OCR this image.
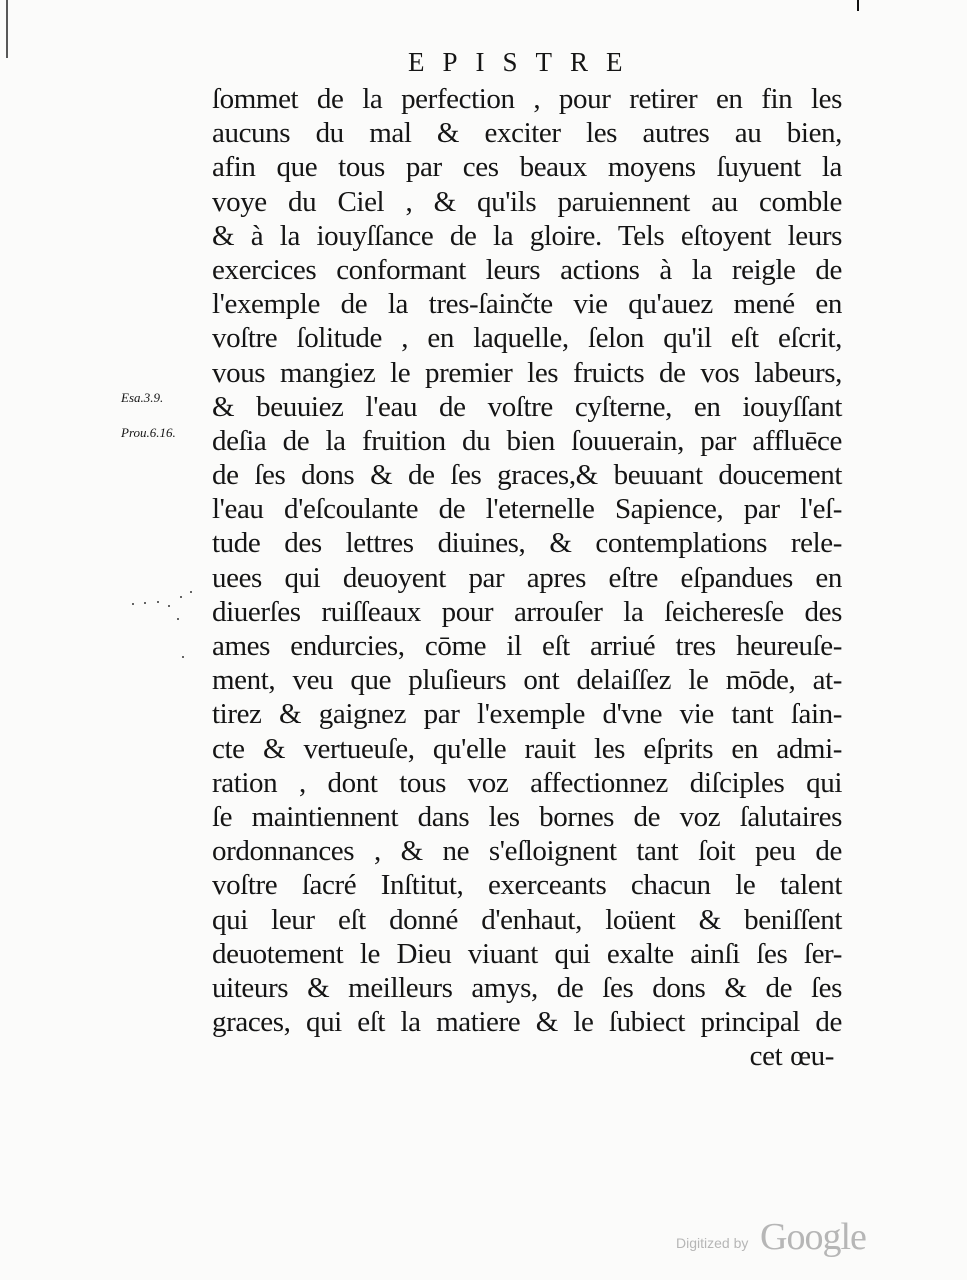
EPISTRE
Esa.3.9.
Prou.6.16.
ſommet de la perfection , pour retirer en fin les
aucuns du mal & exciter les autres au bien,
afin que tous par ces beaux moyens ſuyuent la
voye du Ciel , & qu'ils paruiennent au comble
& à la iouyſſance de la gloire. Tels eſtoyent leurs
exercices conformant leurs actions à la reigle de
l'exemple de la tres-ſainčte vie qu'auez mené en
voſtre ſolitude , en laquelle, ſelon qu'il eſt eſcrit,
vous mangiez le premier les fruicts de vos labeurs,
& beuuiez l'eau de voſtre cyſterne, en iouyſſant
deſia de la fruition du bien ſouuerain, par affluēce
de ſes dons & de ſes graces,& beuuant doucement
l'eau d'eſcoulante de l'eternelle Sapience, par l'eſ-
tude des lettres diuines, & contemplations rele-
uees qui deuoyent par apres eſtre eſpandues en
diuerſes ruiſſeaux pour arrouſer la ſeicheresſe des
ames endurcies, cōme il eſt arriué tres heureuſe-
ment, veu que pluſieurs ont delaiſſez le mōde, at-
tirez & gaignez par l'exemple d'vne vie tant ſain-
cte & vertueuſe, qu'elle rauit les eſprits en admi-
ration , dont tous voz affectionnez diſciples qui
ſe maintiennent dans les bornes de voz ſalutaires
ordonnances , & ne s'eſloignent tant ſoit peu de
voſtre ſacré Inſtitut, exerceants chacun le talent
qui leur eſt donné d'enhaut, loüent & beniſſent
deuotement le Dieu viuant qui exalte ainſi ſes ſer-
uiteurs & meilleurs amys, de ſes dons & de ſes
graces, qui eſt la matiere & le ſubiect principal de
cet œu-
Digitized by Google
